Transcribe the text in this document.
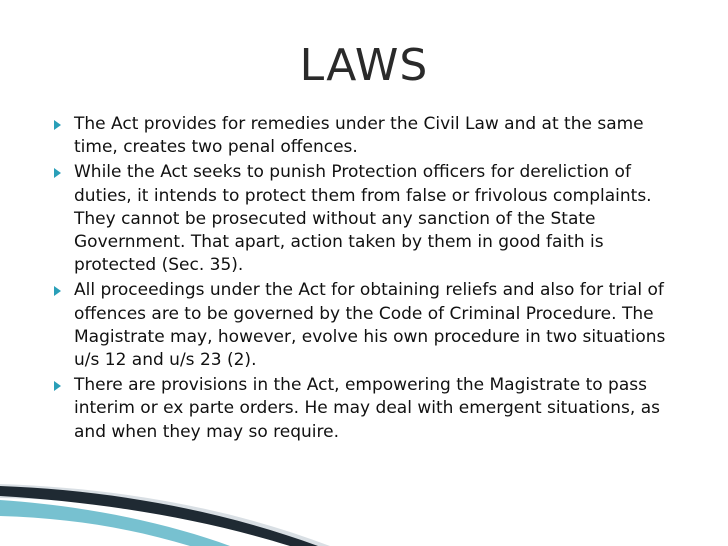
LAWS
The Act provides for remedies under the Civil Law and at the same time, creates two penal offences.
While the Act seeks to punish Protection officers for dereliction of duties, it intends to protect them from false or frivolous complaints. They cannot be prosecuted without any sanction of the State Government. That apart, action taken by them in good faith is protected (Sec. 35).
All proceedings under the Act for obtaining reliefs and also for trial of offences are to be governed by the Code of Criminal Procedure. The Magistrate may, however, evolve his own procedure in two situations u/s 12 and u/s 23 (2).
There are provisions in the Act, empowering the Magistrate to pass interim or ex parte orders. He may deal with emergent situations, as and when they may so require.
